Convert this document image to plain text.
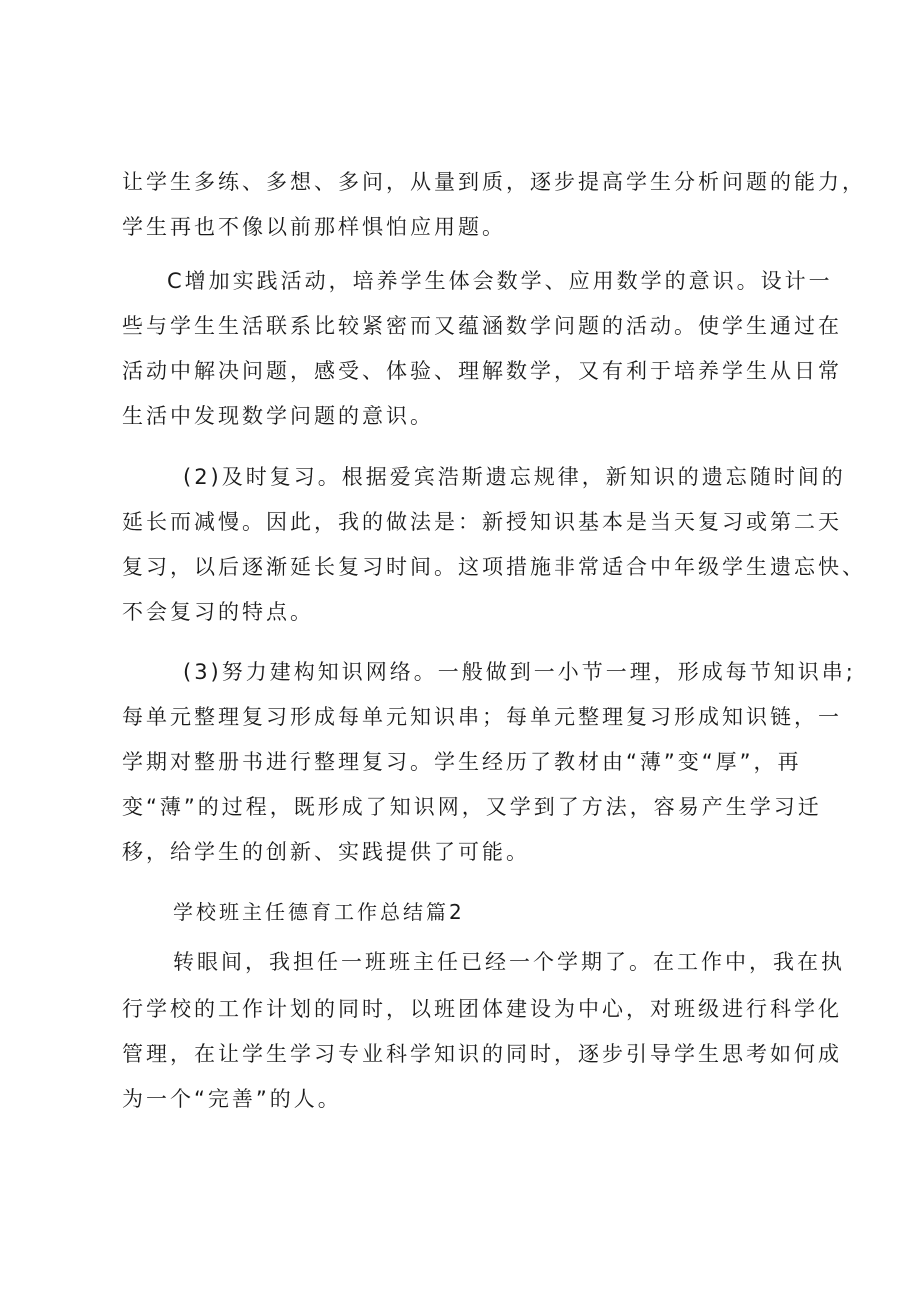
让学生多练、多想、多问，从量到质，逐步提高学生分析问题的能力，
学生再也不像以前那样惧怕应用题。
C增加实践活动，培养学生体会数学、应用数学的意识。设计一
些与学生生活联系比较紧密而又蕴涵数学问题的活动。使学生通过在
活动中解决问题，感受、体验、理解数学，又有利于培养学生从日常
生活中发现数学问题的意识。
(2)及时复习。根据爱宾浩斯遗忘规律，新知识的遗忘随时间的
延长而减慢。因此，我的做法是：新授知识基本是当天复习或第二天
复习，以后逐渐延长复习时间。这项措施非常适合中年级学生遗忘快、
不会复习的特点。
(3)努力建构知识网络。一般做到一小节一理，形成每节知识串;
每单元整理复习形成每单元知识串；每单元整理复习形成知识链，一
学期对整册书进行整理复习。学生经历了教材由“薄”变“厚”，再
变“薄”的过程，既形成了知识网，又学到了方法，容易产生学习迁
移，给学生的创新、实践提供了可能。
学校班主任德育工作总结篇2
转眼间，我担任一班班主任已经一个学期了。在工作中，我在执
行学校的工作计划的同时，以班团体建设为中心，对班级进行科学化
管理，在让学生学习专业科学知识的同时，逐步引导学生思考如何成
为一个“完善”的人。
